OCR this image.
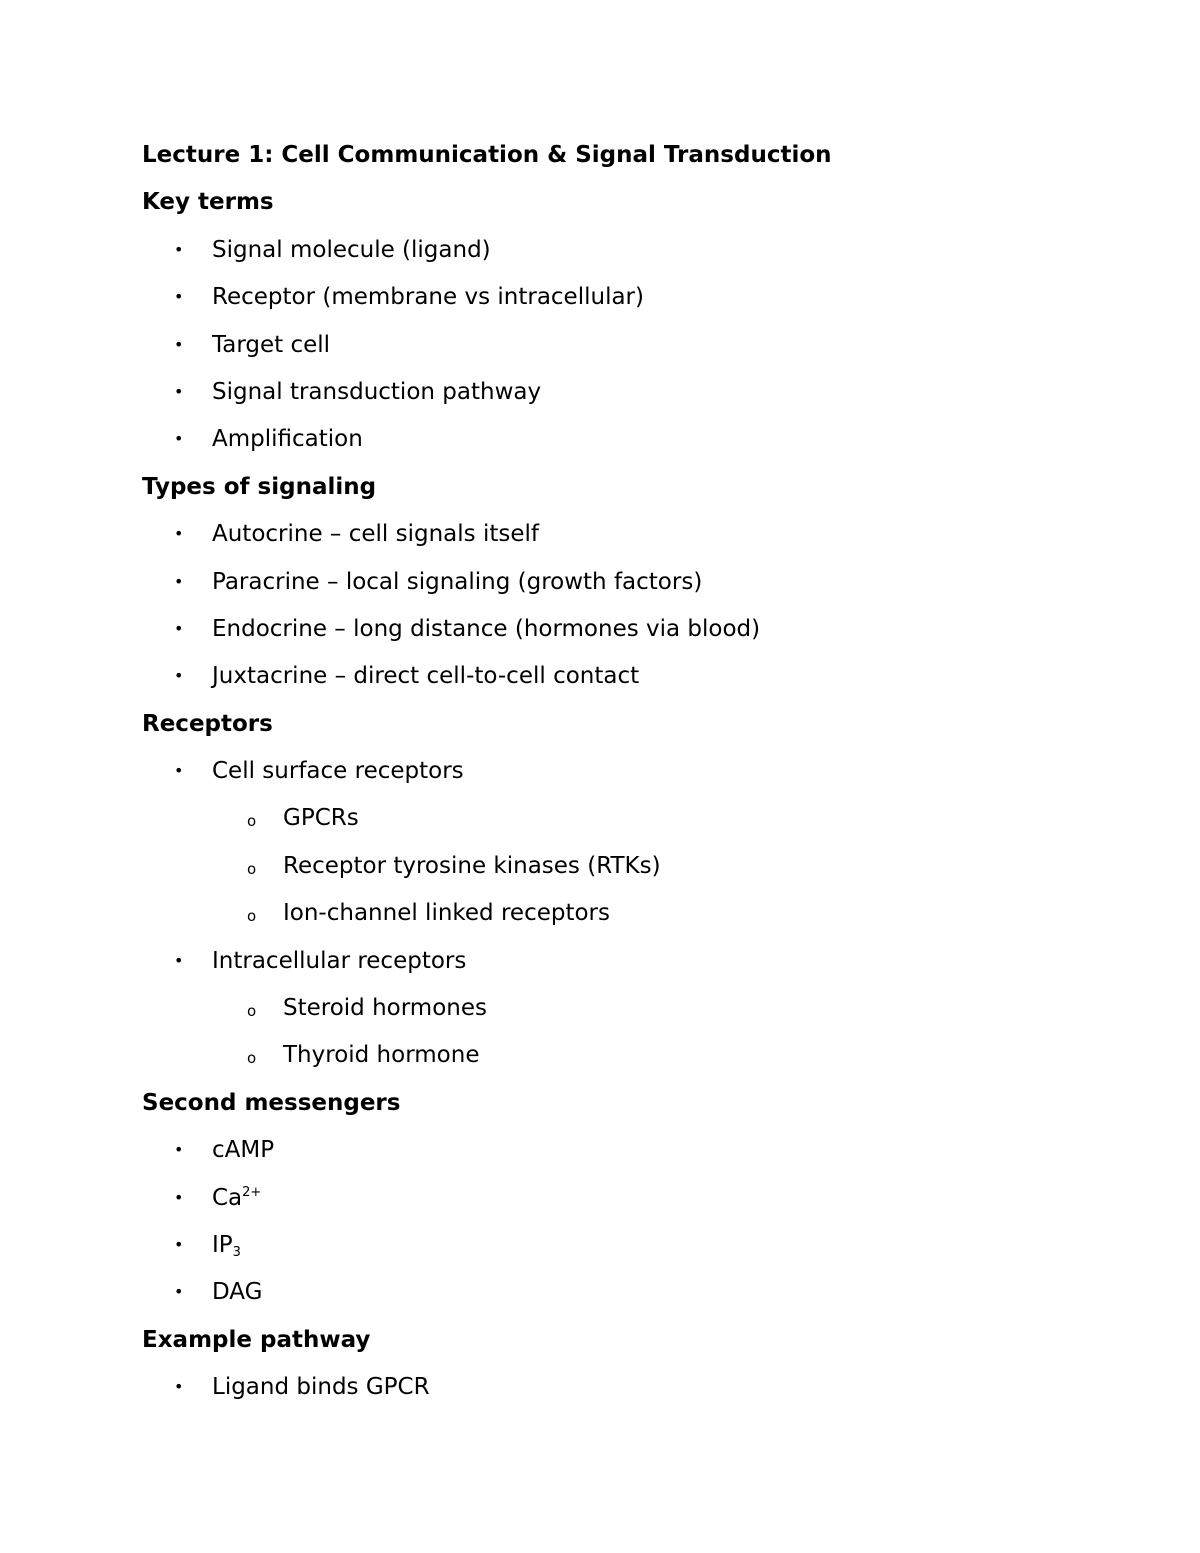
Lecture 1: Cell Communication & Signal Transduction
Key terms
• Signal molecule (ligand)
• Receptor (membrane vs intracellular)
• Target cell
• Signal transduction pathway
• Amplification
Types of signaling
• Autocrine – cell signals itself
• Paracrine – local signaling (growth factors)
• Endocrine – long distance (hormones via blood)
• Juxtacrine – direct cell-to-cell contact
Receptors
• Cell surface receptors
o GPCRs
o Receptor tyrosine kinases (RTKs)
o Ion-channel linked receptors
• Intracellular receptors
o Steroid hormones
o Thyroid hormone
Second messengers
• cAMP
• $Ca^{2+}$
• $IP_3$
• DAG
Example pathway
• Ligand binds GPCR
